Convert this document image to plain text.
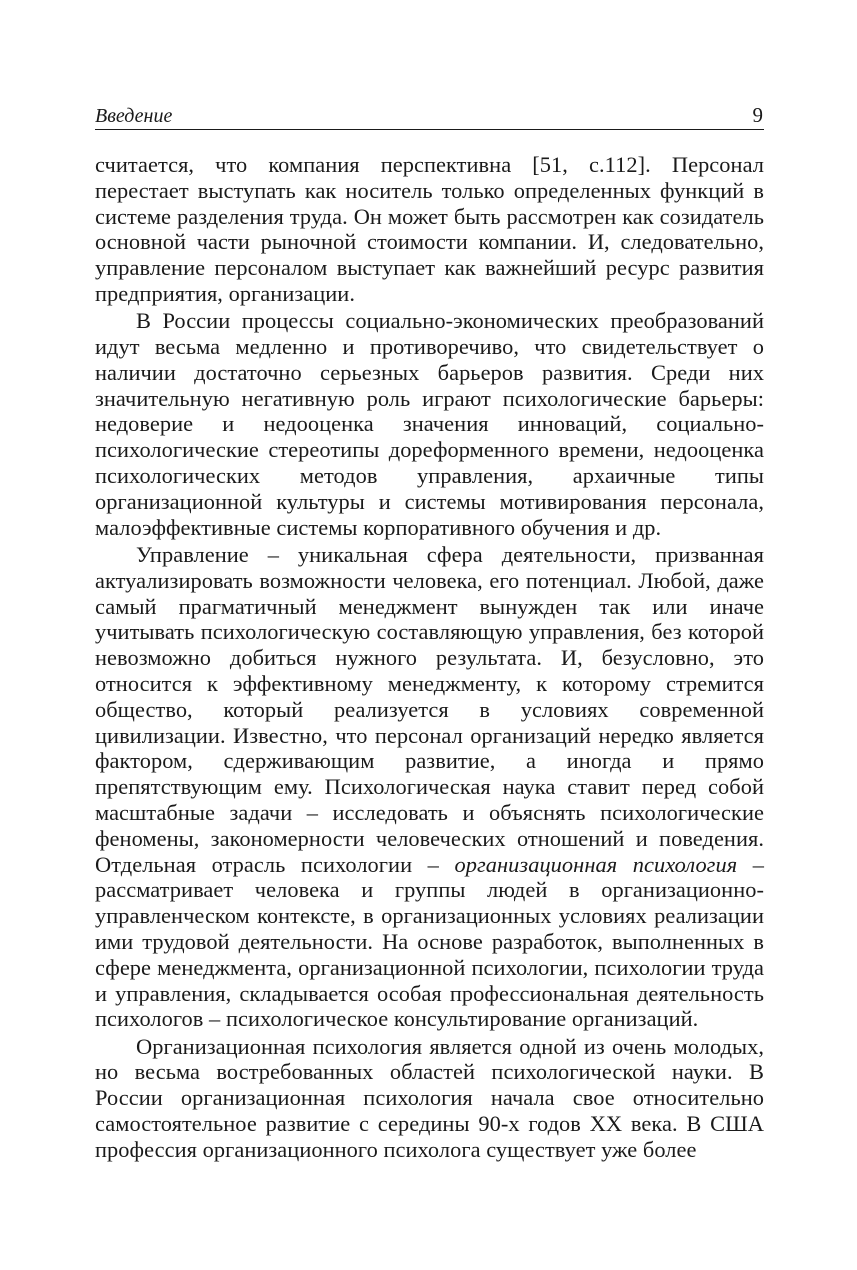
Введение	9

считается, что компания перспективна [51, с.112]. Персонал перестает выступать как носитель только определенных функций в системе разделения труда. Он может быть рассмотрен как созидатель основной части рыночной стоимости компании. И, следовательно, управление персоналом выступает как важнейший ресурс развития предприятия, организации.

В России процессы социально-экономических преобразований идут весьма медленно и противоречиво, что свидетельствует о наличии достаточно серьезных барьеров развития. Среди них значительную негативную роль играют психологические барьеры: недоверие и недооценка значения инноваций, социально-психологические стереотипы дореформенного времени, недооценка психологических методов управления, архаичные типы организационной культуры и системы мотивирования персонала, малоэффективные системы корпоративного обучения и др.

Управление – уникальная сфера деятельности, призванная актуализировать возможности человека, его потенциал. Любой, даже самый прагматичный менеджмент вынужден так или иначе учитывать психологическую составляющую управления, без которой невозможно добиться нужного результата. И, безусловно, это относится к эффективному менеджменту, к которому стремится общество, который реализуется в условиях современной цивилизации. Известно, что персонал организаций нередко является фактором, сдерживающим развитие, а иногда и прямо препятствующим ему. Психологическая наука ставит перед собой масштабные задачи – исследовать и объяснять психологические феномены, закономерности человеческих отношений и поведения. Отдельная отрасль психологии – организационная психология – рассматривает человека и группы людей в организационно-управленческом контексте, в организационных условиях реализации ими трудовой деятельности. На основе разработок, выполненных в сфере менеджмента, организационной психологии, психологии труда и управления, складывается особая профессиональная деятельность психологов – психологическое консультирование организаций.

Организационная психология является одной из очень молодых, но весьма востребованных областей психологической науки. В России организационная психология начала свое относительно самостоятельное развитие с середины 90-х годов XX века. В США профессия организационного психолога существует уже более
